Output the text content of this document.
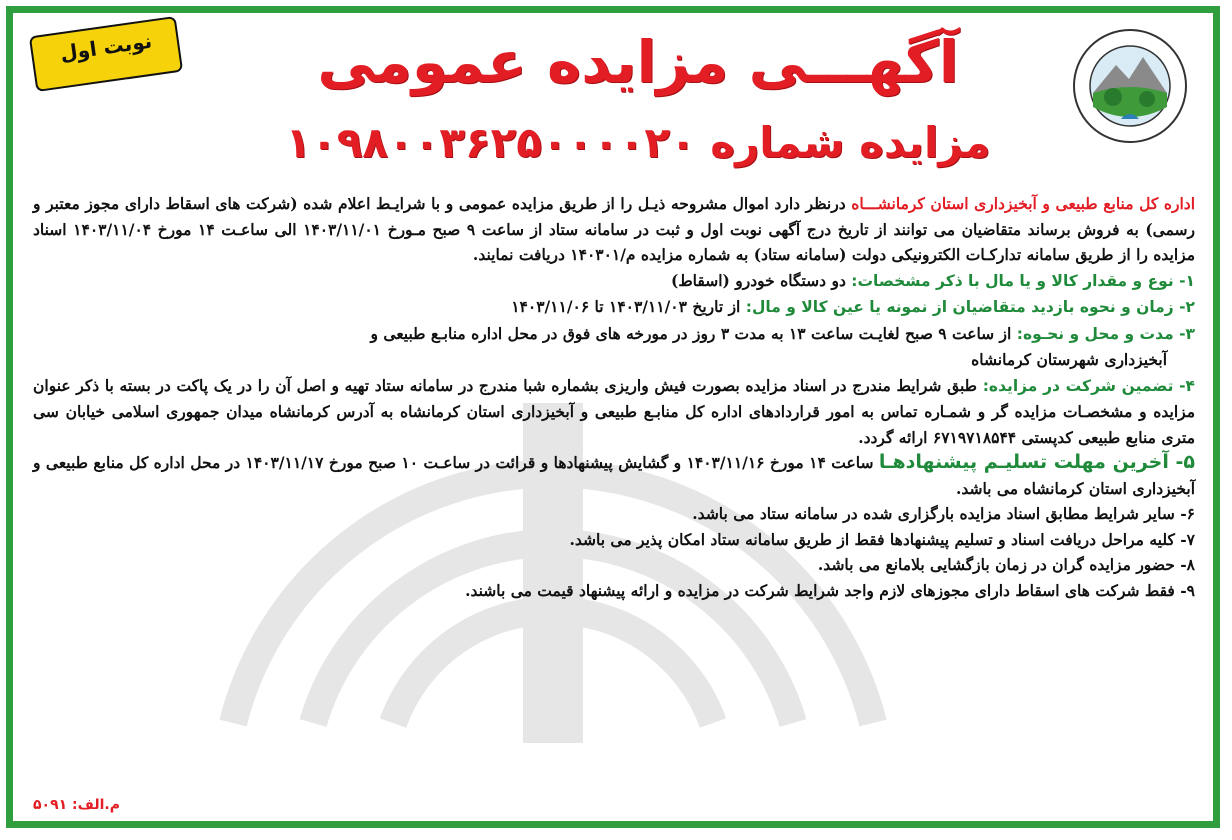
نوبت اول	آگهـــی مزایده عمومی
مزایده شماره ۱۰۹۸۰۰۳۶۲۵۰۰۰۰۲۰

اداره کل منابع طبیعی و آبخیزداری استان کرمانشـــاه درنظر دارد اموال مشروحه ذیـل را از طریق مزایده عمومی و با شرایـط اعلام شده (شرکت های اسقاط دارای مجوز معتبر و رسمی) به فروش برساند متقاضیان می توانند از تاریخ درج آگهی نوبت اول و ثبت در سامانه ستاد از ساعت ۹ صبح مـورخ ۱۴۰۳/۱۱/۰۱ الی ساعـت ۱۴ مورخ ۱۴۰۳/۱۱/۰۴ اسناد مزایده را از طریق سامانه تدارکـات الکترونیکی دولت (سامانه ستاد) به شماره مزایده م/۱۴۰۳۰۱ دریافت نمایند.

۱- نوع و مقدار کالا و یا مال با ذکر مشخصات: دو دستگاه خودرو (اسقاط)

۲- زمان و نحوه بازدید متقاضیان از نمونه یا عین کالا و مال: از تاریخ ۱۴۰۳/۱۱/۰۳ تا ۱۴۰۳/۱۱/۰۶

۳- مدت و محل و نحـوه: از ساعت ۹ صبح لغایـت ساعت ۱۳ به مدت ۳ روز در مورخه های فوق در محل اداره منابـع طبیعی و

آبخیزداری شهرستان کرمانشاه

۴- تضمین شرکت در مزایده: طبق شرایط مندرج در اسناد مزایده بصورت فیش واریزی بشماره شبا مندرج در سامانه ستاد تهیه و اصل آن را در یک پاکت در بسته با ذکر عنوان مزایده و مشخصـات مزایده گر و شمـاره تماس به امور قراردادهای اداره کل منابـع طبیعی و آبخیزداری استان کرمانشاه به آدرس کرمانشاه میدان جمهوری اسلامی خیابان سی متری منابع طبیعی کدپستی ۶۷۱۹۷۱۸۵۴۴ ارائه گردد.

۵- آخرین مهلت تسلیـم پیشنهادهـا ساعت ۱۴ مورخ ۱۴۰۳/۱۱/۱۶ و گشایش پیشنهادها و قرائت در ساعـت ۱۰ صبح مورخ ۱۴۰۳/۱۱/۱۷ در محل اداره کل منابع طبیعی و آبخیزداری استان کرمانشاه می باشد.

۶- سایر شرایط مطابق اسناد مزایده بارگزاری شده در سامانه ستاد می باشد.

۷- کلیه مراحل دریافت اسناد و تسلیم پیشنهادها فقط از طریق سامانه ستاد امکان پذیر می باشد.

۸- حضور مزایده گران در زمان بازگشایی بلامانع می باشد.

۹- فقط شرکت های اسقاط دارای مجوزهای لازم واجد شرایط شرکت در مزایده و ارائه پیشنهاد قیمت می باشند.

م.الف: ۵۰۹۱
